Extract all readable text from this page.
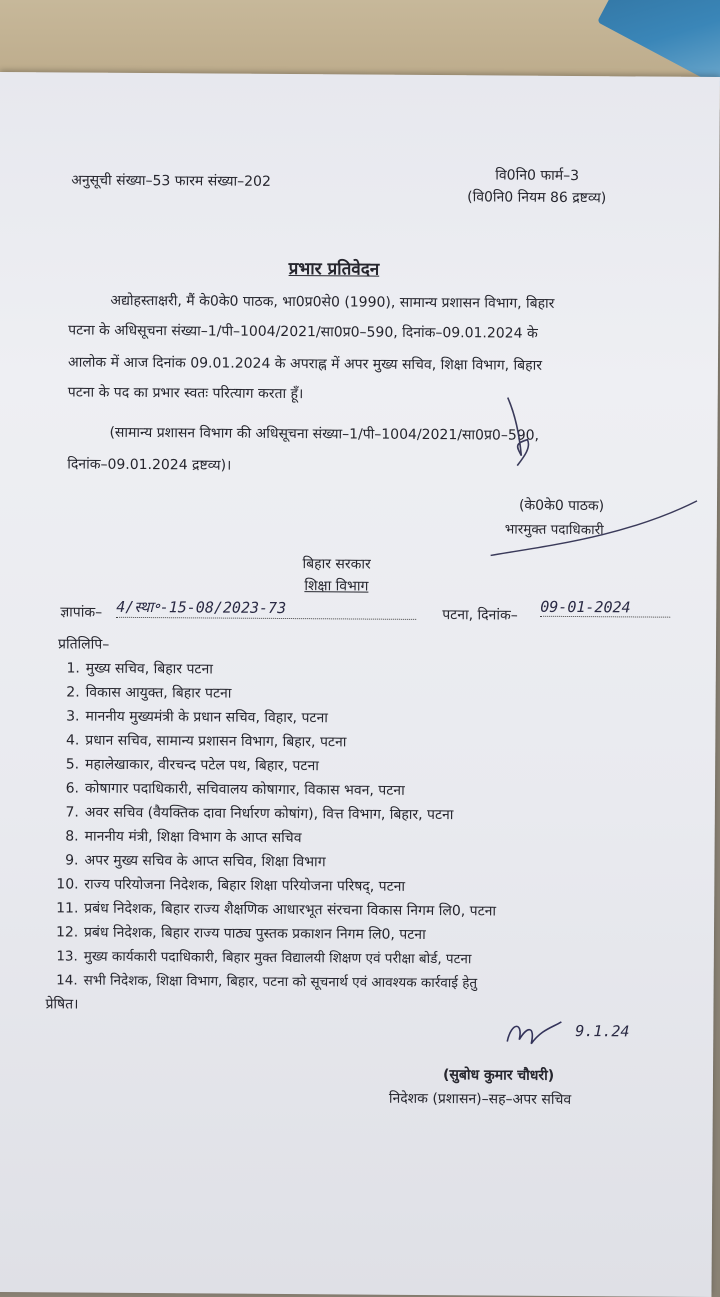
अनुसूची संख्या–53 फारम संख्या–202	वि0नि0 फार्म–3
(वि0नि0 नियम 86 द्रष्टव्य)
प्रभार प्रतिवेदन
अद्योहस्ताक्षरी, मैं के0के0 पाठक, भा0प्र0से0 (1990), सामान्य प्रशासन विभाग, बिहार
पटना के अधिसूचना संख्या–1/पी–1004/2021/सा0प्र0–590, दिनांक–09.01.2024 के
आलोक में आज दिनांक 09.01.2024 के अपराह्न में अपर मुख्य सचिव, शिक्षा विभाग, बिहार
पटना के पद का प्रभार स्वतः परित्याग करता हूँ।
(सामान्य प्रशासन विभाग की अधिसूचना संख्या–1/पी–1004/2021/सा0प्र0–590,
दिनांक–09.01.2024 द्रष्टव्य)।
(के0के0 पाठक)
भारमुक्त पदाधिकारी
बिहार सरकार
शिक्षा विभाग
ज्ञापांक– 4/स्था॰-15-08/2023-73	पटना, दिनांक– 09-01-2024
प्रतिलिपि–
1. मुख्य सचिव, बिहार पटना
2. विकास आयुक्त, बिहार पटना
3. माननीय मुख्यमंत्री के प्रधान सचिव, विहार, पटना
4. प्रधान सचिव, सामान्य प्रशासन विभाग, बिहार, पटना
5. महालेखाकार, वीरचन्द पटेल पथ, बिहार, पटना
6. कोषागार पदाधिकारी, सचिवालय कोषागार, विकास भवन, पटना
7. अवर सचिव (वैयक्तिक दावा निर्धारण कोषांग), वित्त विभाग, बिहार, पटना
8. माननीय मंत्री, शिक्षा विभाग के आप्त सचिव
9. अपर मुख्य सचिव के आप्त सचिव, शिक्षा विभाग
10. राज्य परियोजना निदेशक, बिहार शिक्षा परियोजना परिषद्, पटना
11. प्रबंध निदेशक, बिहार राज्य शैक्षणिक आधारभूत संरचना विकास निगम लि0, पटना
12. प्रबंध निदेशक, बिहार राज्य पाठ्य पुस्तक प्रकाशन निगम लि0, पटना
13. मुख्य कार्यकारी पदाधिकारी, बिहार मुक्त विद्यालयी शिक्षण एवं परीक्षा बोर्ड, पटना
14. सभी निदेशक, शिक्षा विभाग, बिहार, पटना को सूचनार्थ एवं आवश्यक कार्रवाई हेतु
प्रेषित।
9.1.24
(सुबोध कुमार चौधरी)
निदेशक (प्रशासन)–सह–अपर सचिव
